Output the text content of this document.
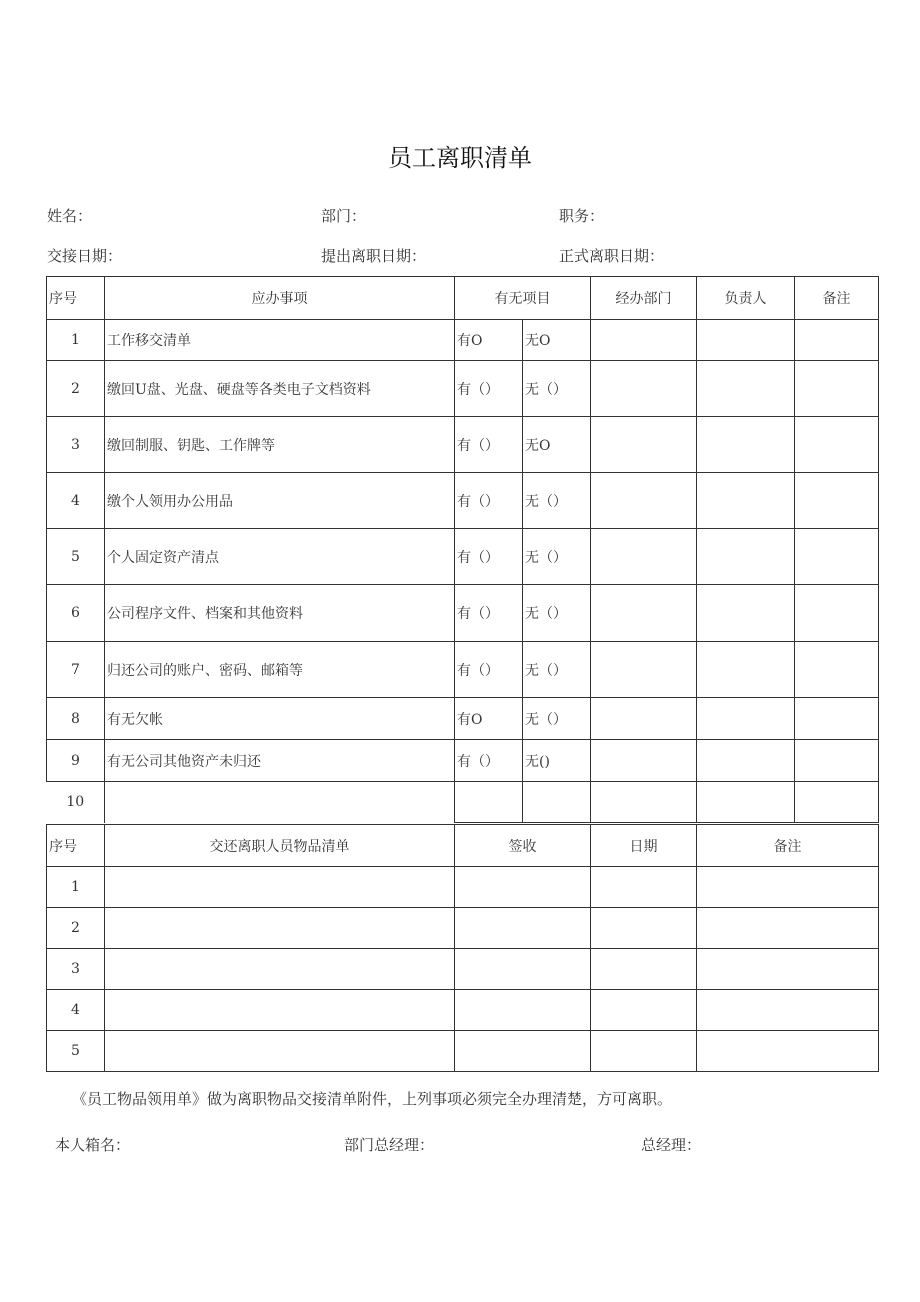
员工离职清单
姓名：	部门：	职务：
交接日期：	提出离职日期：	正式离职日期：
序号	应办事项	有无项目		经办部门	负责人	备注
1	工作移交清单	有O	无O			
2	缴回U盘、光盘、硬盘等各类电子文档资料	有（）	无（）			
3	缴回制服、钥匙、工作牌等	有（）	无O			
4	缴个人领用办公用品	有（）	无（）			
5	个人固定资产清点	有（）	无（）			
6	公司程序文件、档案和其他资料	有（）	无（）			
7	归还公司的账户、密码、邮箱等	有（）	无（）			
8	有无欠帐	有O	无（）			
9	有无公司其他资产未归还	有（）	无()			
10						
序号	交还离职人员物品清单	签收	日期	备注
1				
2				
3				
4				
5				
《员工物品领用单》做为离职物品交接清单附件，上列事项必须完全办理清楚，方可离职。
本人箱名：	部门总经理：	总经理：
